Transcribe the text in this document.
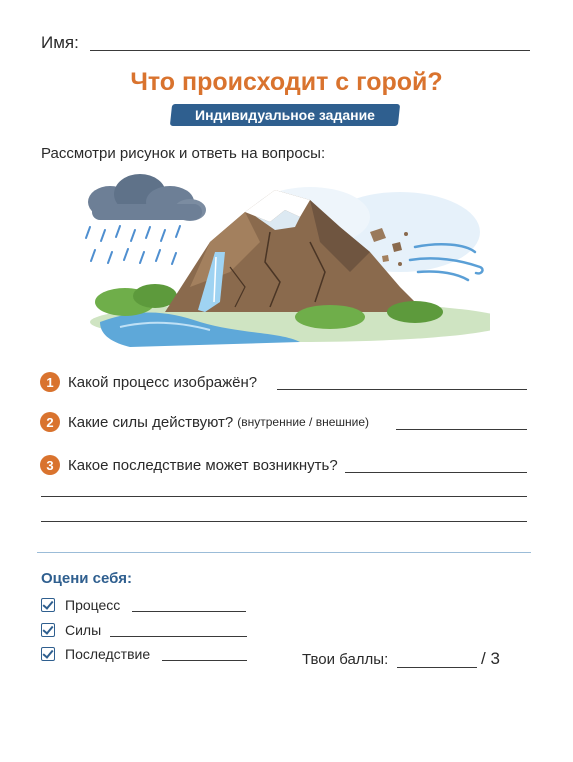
Имя:
Что происходит с горой?
Индивидуальное задание
Рассмотри рисунок и ответь на вопросы:
1 Какой процесс изображён?
2 Какие силы действуют? (внутренние / внешние)
3 Какое последствие может возникнуть?
Оцени себя:
Процесс
Силы
Последствие	Твои баллы:	/ 3
